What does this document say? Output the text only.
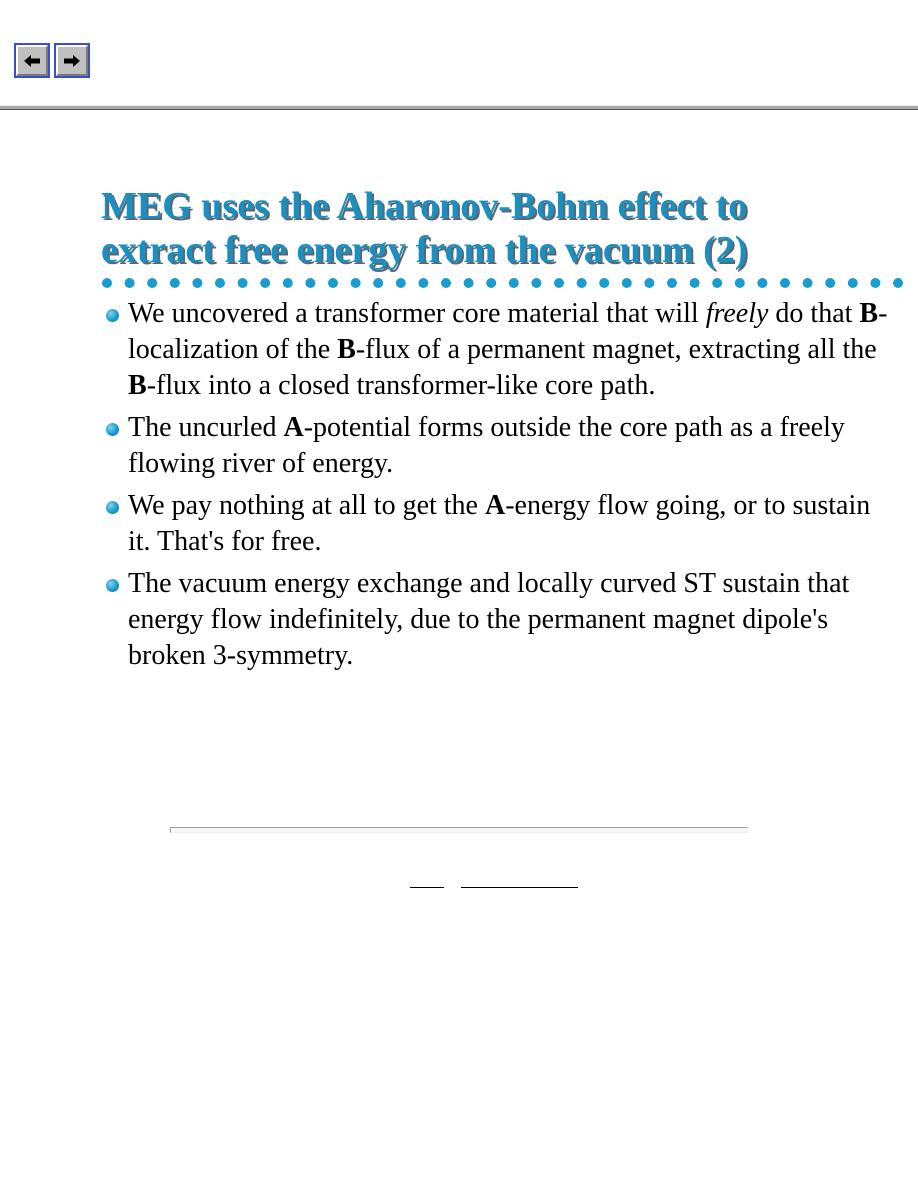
MEG uses the Aharonov-Bohm effect to
extract free energy from the vacuum (2)
We uncovered a transformer core material that will freely do that B-localization of the B-flux of a permanent magnet, extracting all the B-flux into a closed transformer-like core path.
The uncurled A-potential forms outside the core path as a freely flowing river of energy.
We pay nothing at all to get the A-energy flow going, or to sustain it. That's for free.
The vacuum energy exchange and locally curved ST sustain that energy flow indefinitely, due to the permanent magnet dipole's broken 3-symmetry.
